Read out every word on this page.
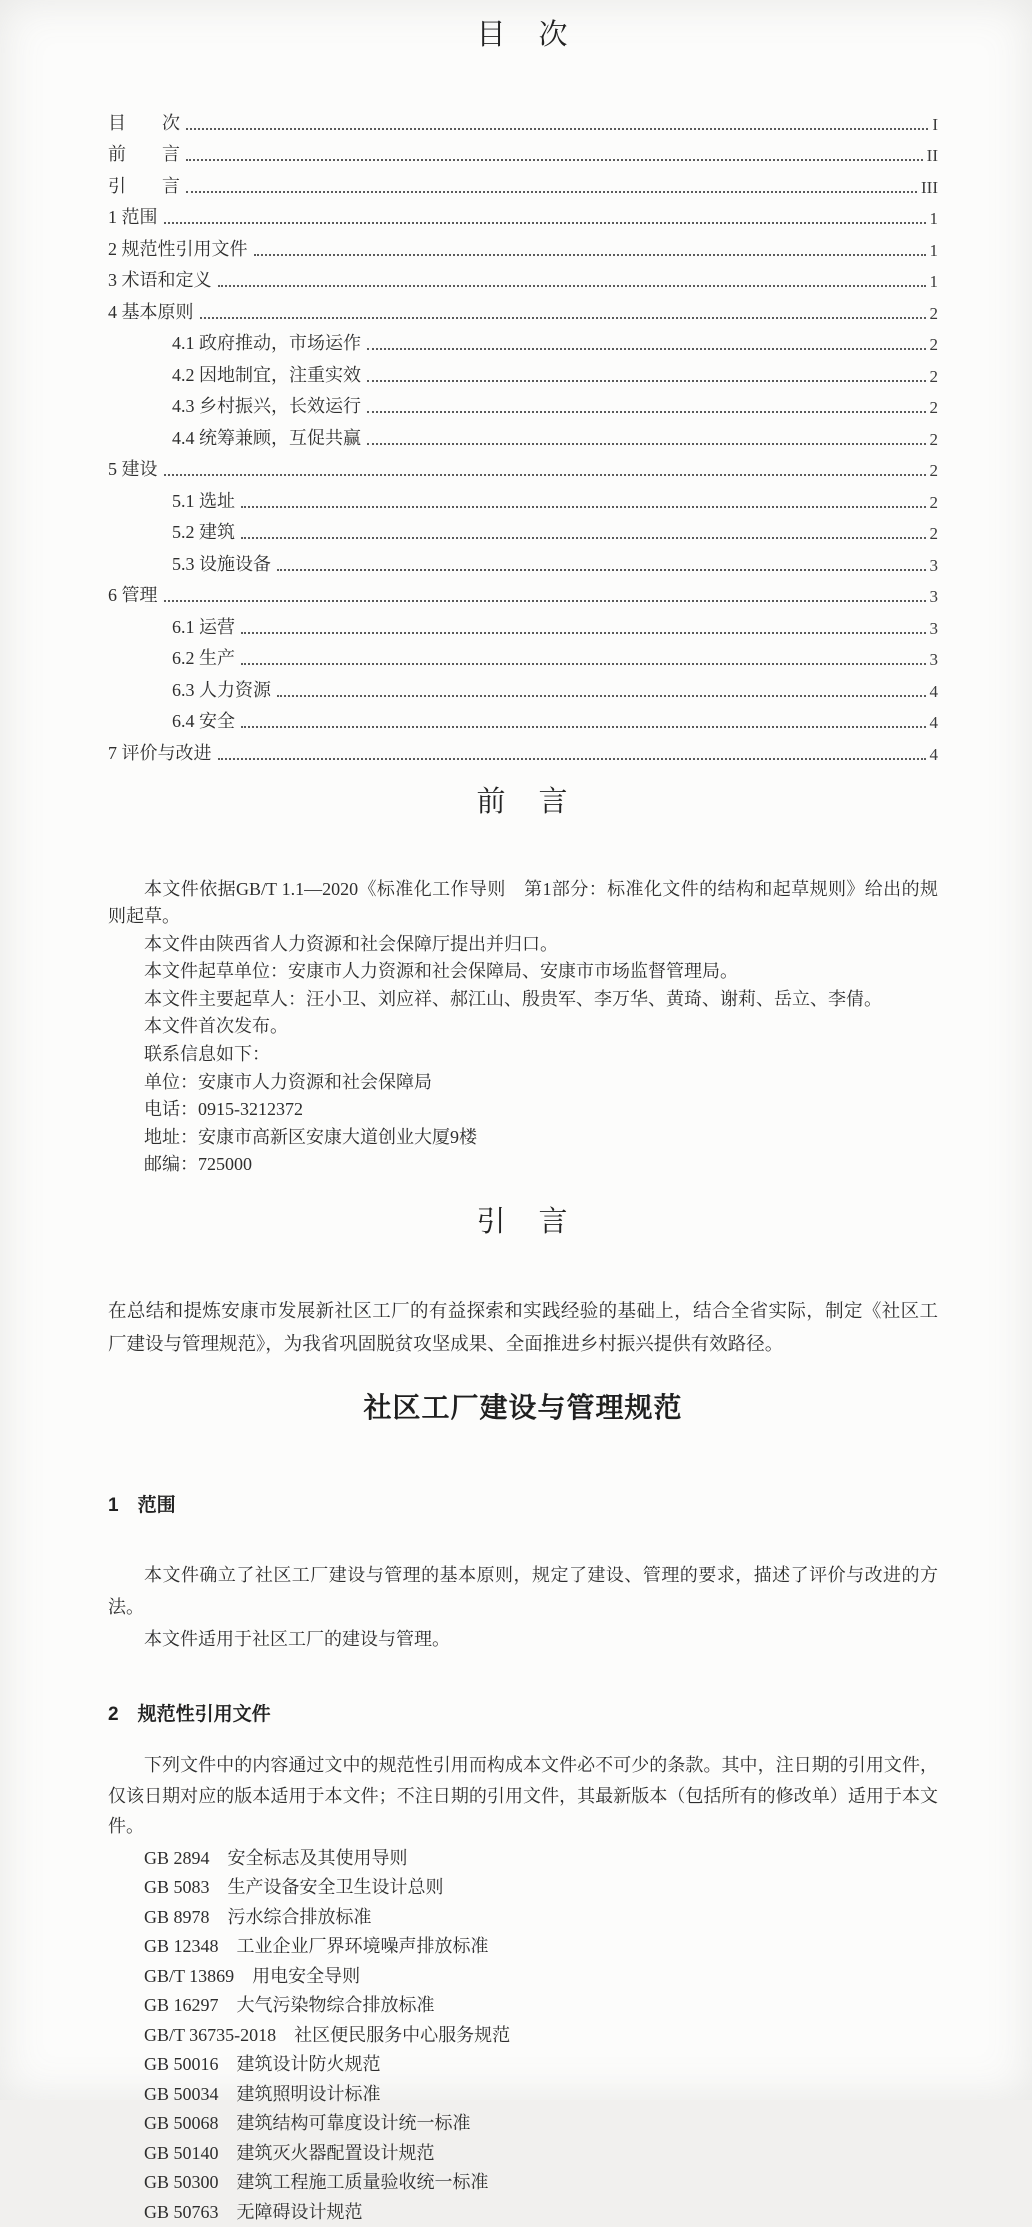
目　次
目　　次	I
前　　言	II
引　　言	III
1 范围	1
2 规范性引用文件	1
3 术语和定义	1
4 基本原则	2
4.1 政府推动，市场运作	2
4.2 因地制宜，注重实效	2
4.3 乡村振兴，长效运行	2
4.4 统筹兼顾，互促共赢	2
5 建设	2
5.1 选址	2
5.2 建筑	2
5.3 设施设备	3
6 管理	3
6.1 运营	3
6.2 生产	3
6.3 人力资源	4
6.4 安全	4
7 评价与改进	4
前　言

本文件依据GB/T 1.1—2020《标准化工作导则　第1部分：标准化文件的结构和起草规则》给出的规则起草。

本文件由陕西省人力资源和社会保障厅提出并归口。

本文件起草单位：安康市人力资源和社会保障局、安康市市场监督管理局。

本文件主要起草人：汪小卫、刘应祥、郝江山、殷贵军、李万华、黄琦、谢莉、岳立、李倩。

本文件首次发布。

联系信息如下：

单位：安康市人力资源和社会保障局

电话：0915-3212372

地址：安康市高新区安康大道创业大厦9楼

邮编：725000

引　言

在总结和提炼安康市发展新社区工厂的有益探索和实践经验的基础上，结合全省实际，制定《社区工厂建设与管理规范》，为我省巩固脱贫攻坚成果、全面推进乡村振兴提供有效路径。

社区工厂建设与管理规范
1　范围

本文件确立了社区工厂建设与管理的基本原则，规定了建设、管理的要求，描述了评价与改进的方法。

本文件适用于社区工厂的建设与管理。

2　规范性引用文件

下列文件中的内容通过文中的规范性引用而构成本文件必不可少的条款。其中，注日期的引用文件，仅该日期对应的版本适用于本文件；不注日期的引用文件，其最新版本（包括所有的修改单）适用于本文件。

GB 2894　安全标志及其使用导则

GB 5083　生产设备安全卫生设计总则

GB 8978　污水综合排放标准

GB 12348　工业企业厂界环境噪声排放标准

GB/T 13869　用电安全导则

GB 16297　大气污染物综合排放标准

GB/T 36735-2018　社区便民服务中心服务规范

GB 50016　建筑设计防火规范

GB 50034　建筑照明设计标准

GB 50068　建筑结构可靠度设计统一标准

GB 50140　建筑灭火器配置设计规范

GB 50300　建筑工程施工质量验收统一标准

GB 50763　无障碍设计规范
